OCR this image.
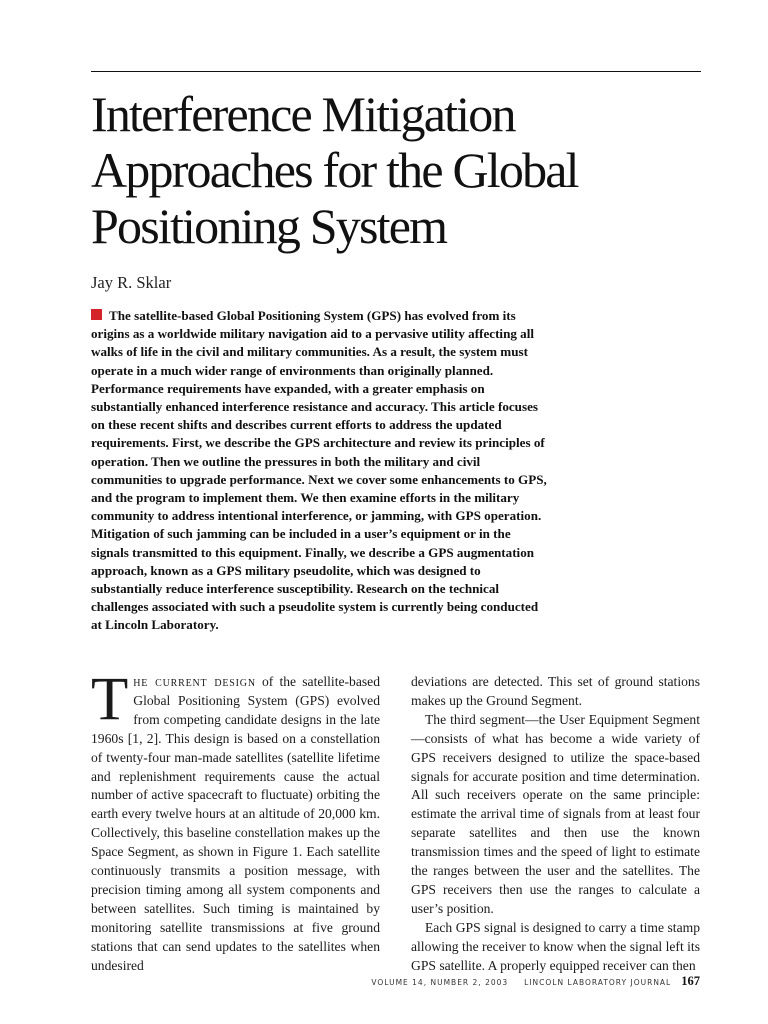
Interference Mitigation
Approaches for the Global
Positioning System
Jay R. Sklar

The satellite-based Global Positioning System (GPS) has evolved from its origins as a worldwide military navigation aid to a pervasive utility affecting all walks of life in the civil and military communities. As a result, the system must operate in a much wider range of environments than originally planned. Performance requirements have expanded, with a greater emphasis on substantially enhanced interference resistance and accuracy. This article focuses on these recent shifts and describes current efforts to address the updated requirements. First, we describe the GPS architecture and review its principles of operation. Then we outline the pressures in both the military and civil communities to upgrade performance. Next we cover some enhancements to GPS, and the program to implement them. We then examine efforts in the military community to address intentional interference, or jamming, with GPS operation. Mitigation of such jamming can be included in a user’s equipment or in the signals transmitted to this equipment. Finally, we describe a GPS augmentation approach, known as a GPS military pseudolite, which was designed to substantially reduce interference susceptibility. Research on the technical challenges associated with such a pseudolite system is currently being conducted at Lincoln Laboratory.

The current design of the satellite-based Global Positioning System (GPS) evolved from competing candidate designs in the late 1960s [1, 2]. This design is based on a constellation of twenty-four man-made satellites (satellite lifetime and replenishment requirements cause the actual number of active spacecraft to fluctuate) orbiting the earth every twelve hours at an altitude of 20,000 km. Collectively, this baseline constellation makes up the Space Segment, as shown in Figure 1. Each satellite continuously transmits a position message, with precision timing among all system components and between satellites. Such timing is maintained by monitoring satellite transmissions at five ground stations that can send updates to the satellites when undesired

deviations are detected. This set of ground stations makes up the Ground Segment.

The third segment—the User Equipment Segment—consists of what has become a wide variety of GPS receivers designed to utilize the space-based signals for accurate position and time determination. All such receivers operate on the same principle: estimate the arrival time of signals from at least four separate satellites and then use the known transmission times and the speed of light to estimate the ranges between the user and the satellites. The GPS receivers then use the ranges to calculate a user’s position.

Each GPS signal is designed to carry a time stamp allowing the receiver to know when the signal left its GPS satellite. A properly equipped receiver can then

VOLUME 14, NUMBER 2, 2003 LINCOLN LABORATORY JOURNAL 167
